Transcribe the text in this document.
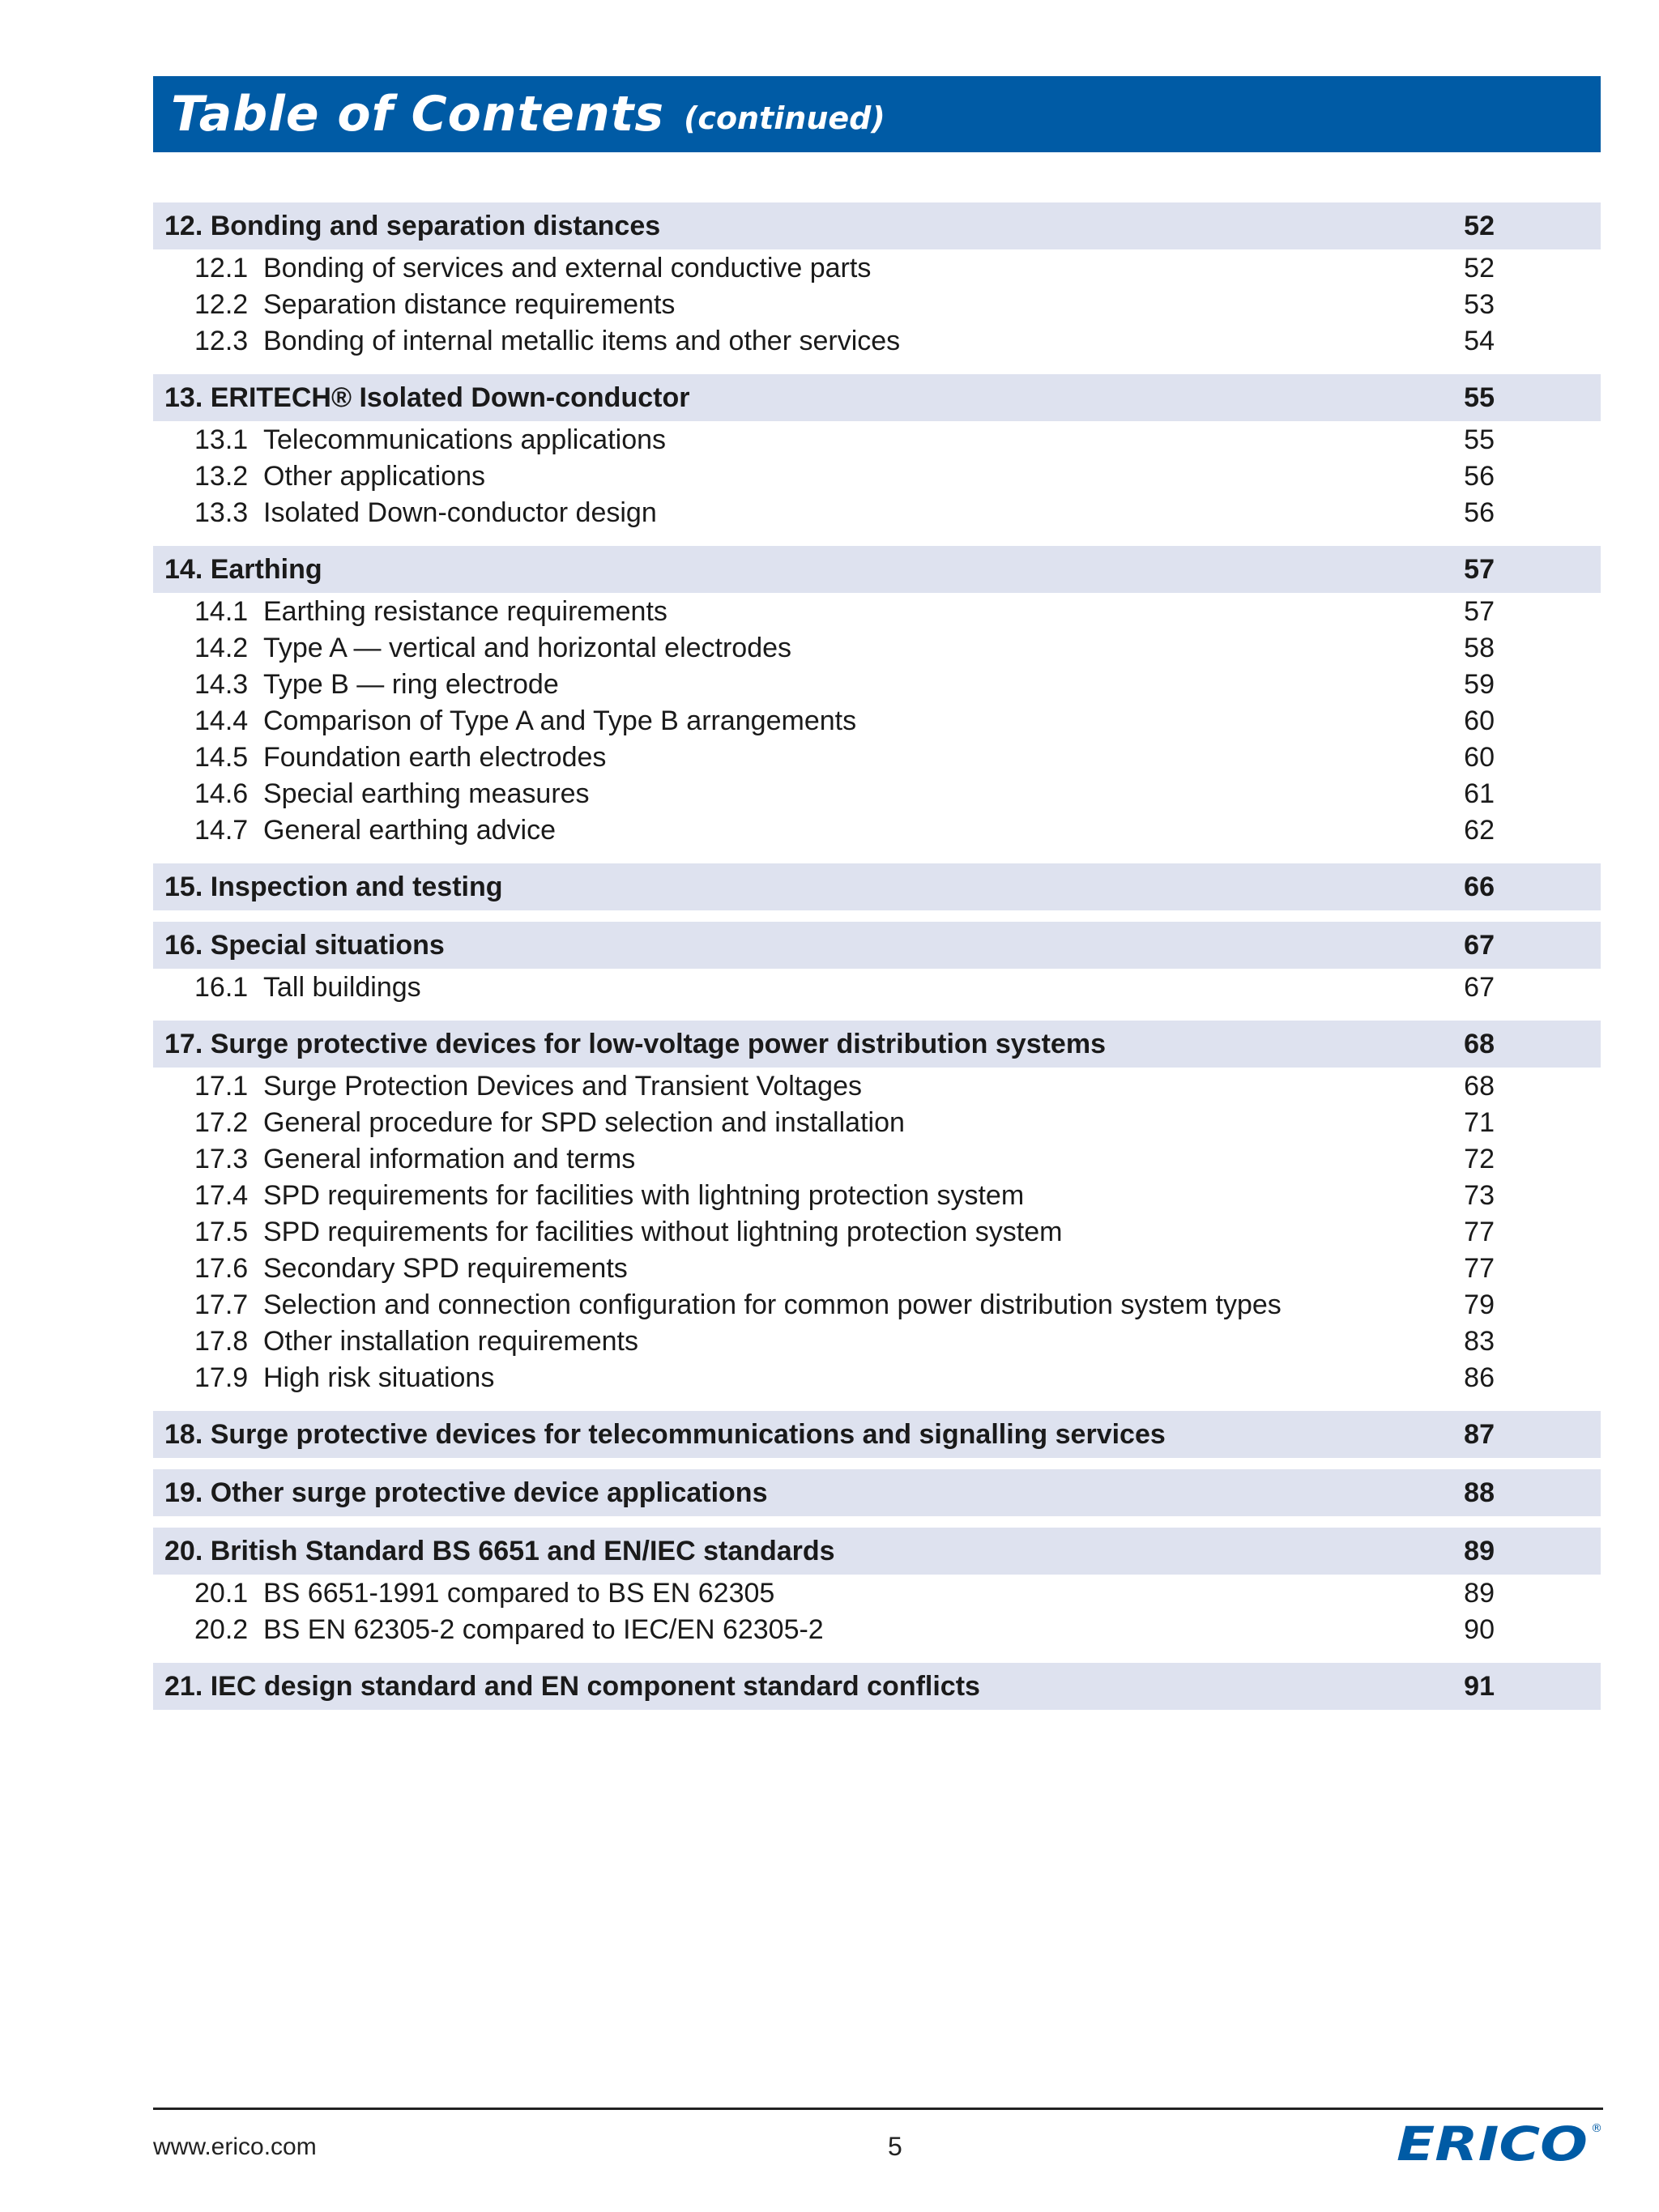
Table of Contents (continued)
12. Bonding and separation distances	52
12.1 Bonding of services and external conductive parts	52
12.2 Separation distance requirements	53
12.3 Bonding of internal metallic items and other services	54
13. ERITECH® Isolated Down-conductor	55
13.1 Telecommunications applications	55
13.2 Other applications	56
13.3 Isolated Down-conductor design	56
14. Earthing	57
14.1 Earthing resistance requirements	57
14.2 Type A — vertical and horizontal electrodes	58
14.3 Type B — ring electrode	59
14.4 Comparison of Type A and Type B arrangements	60
14.5 Foundation earth electrodes	60
14.6 Special earthing measures	61
14.7 General earthing advice	62
15. Inspection and testing	66
16. Special situations	67
16.1 Tall buildings	67
17. Surge protective devices for low-voltage power distribution systems	68
17.1 Surge Protection Devices and Transient Voltages	68
17.2 General procedure for SPD selection and installation	71
17.3 General information and terms	72
17.4 SPD requirements for facilities with lightning protection system	73
17.5 SPD requirements for facilities without lightning protection system	77
17.6 Secondary SPD requirements	77
17.7 Selection and connection configuration for common power distribution system types	79
17.8 Other installation requirements	83
17.9 High risk situations	86
18. Surge protective devices for telecommunications and signalling services	87
19. Other surge protective device applications	88
20. British Standard BS 6651 and EN/IEC standards	89
20.1 BS 6651-1991 compared to BS EN 62305	89
20.2 BS EN 62305-2 compared to IEC/EN 62305-2	90
21. IEC design standard and EN component standard conflicts	91
www.erico.com	5	ERICO ®
